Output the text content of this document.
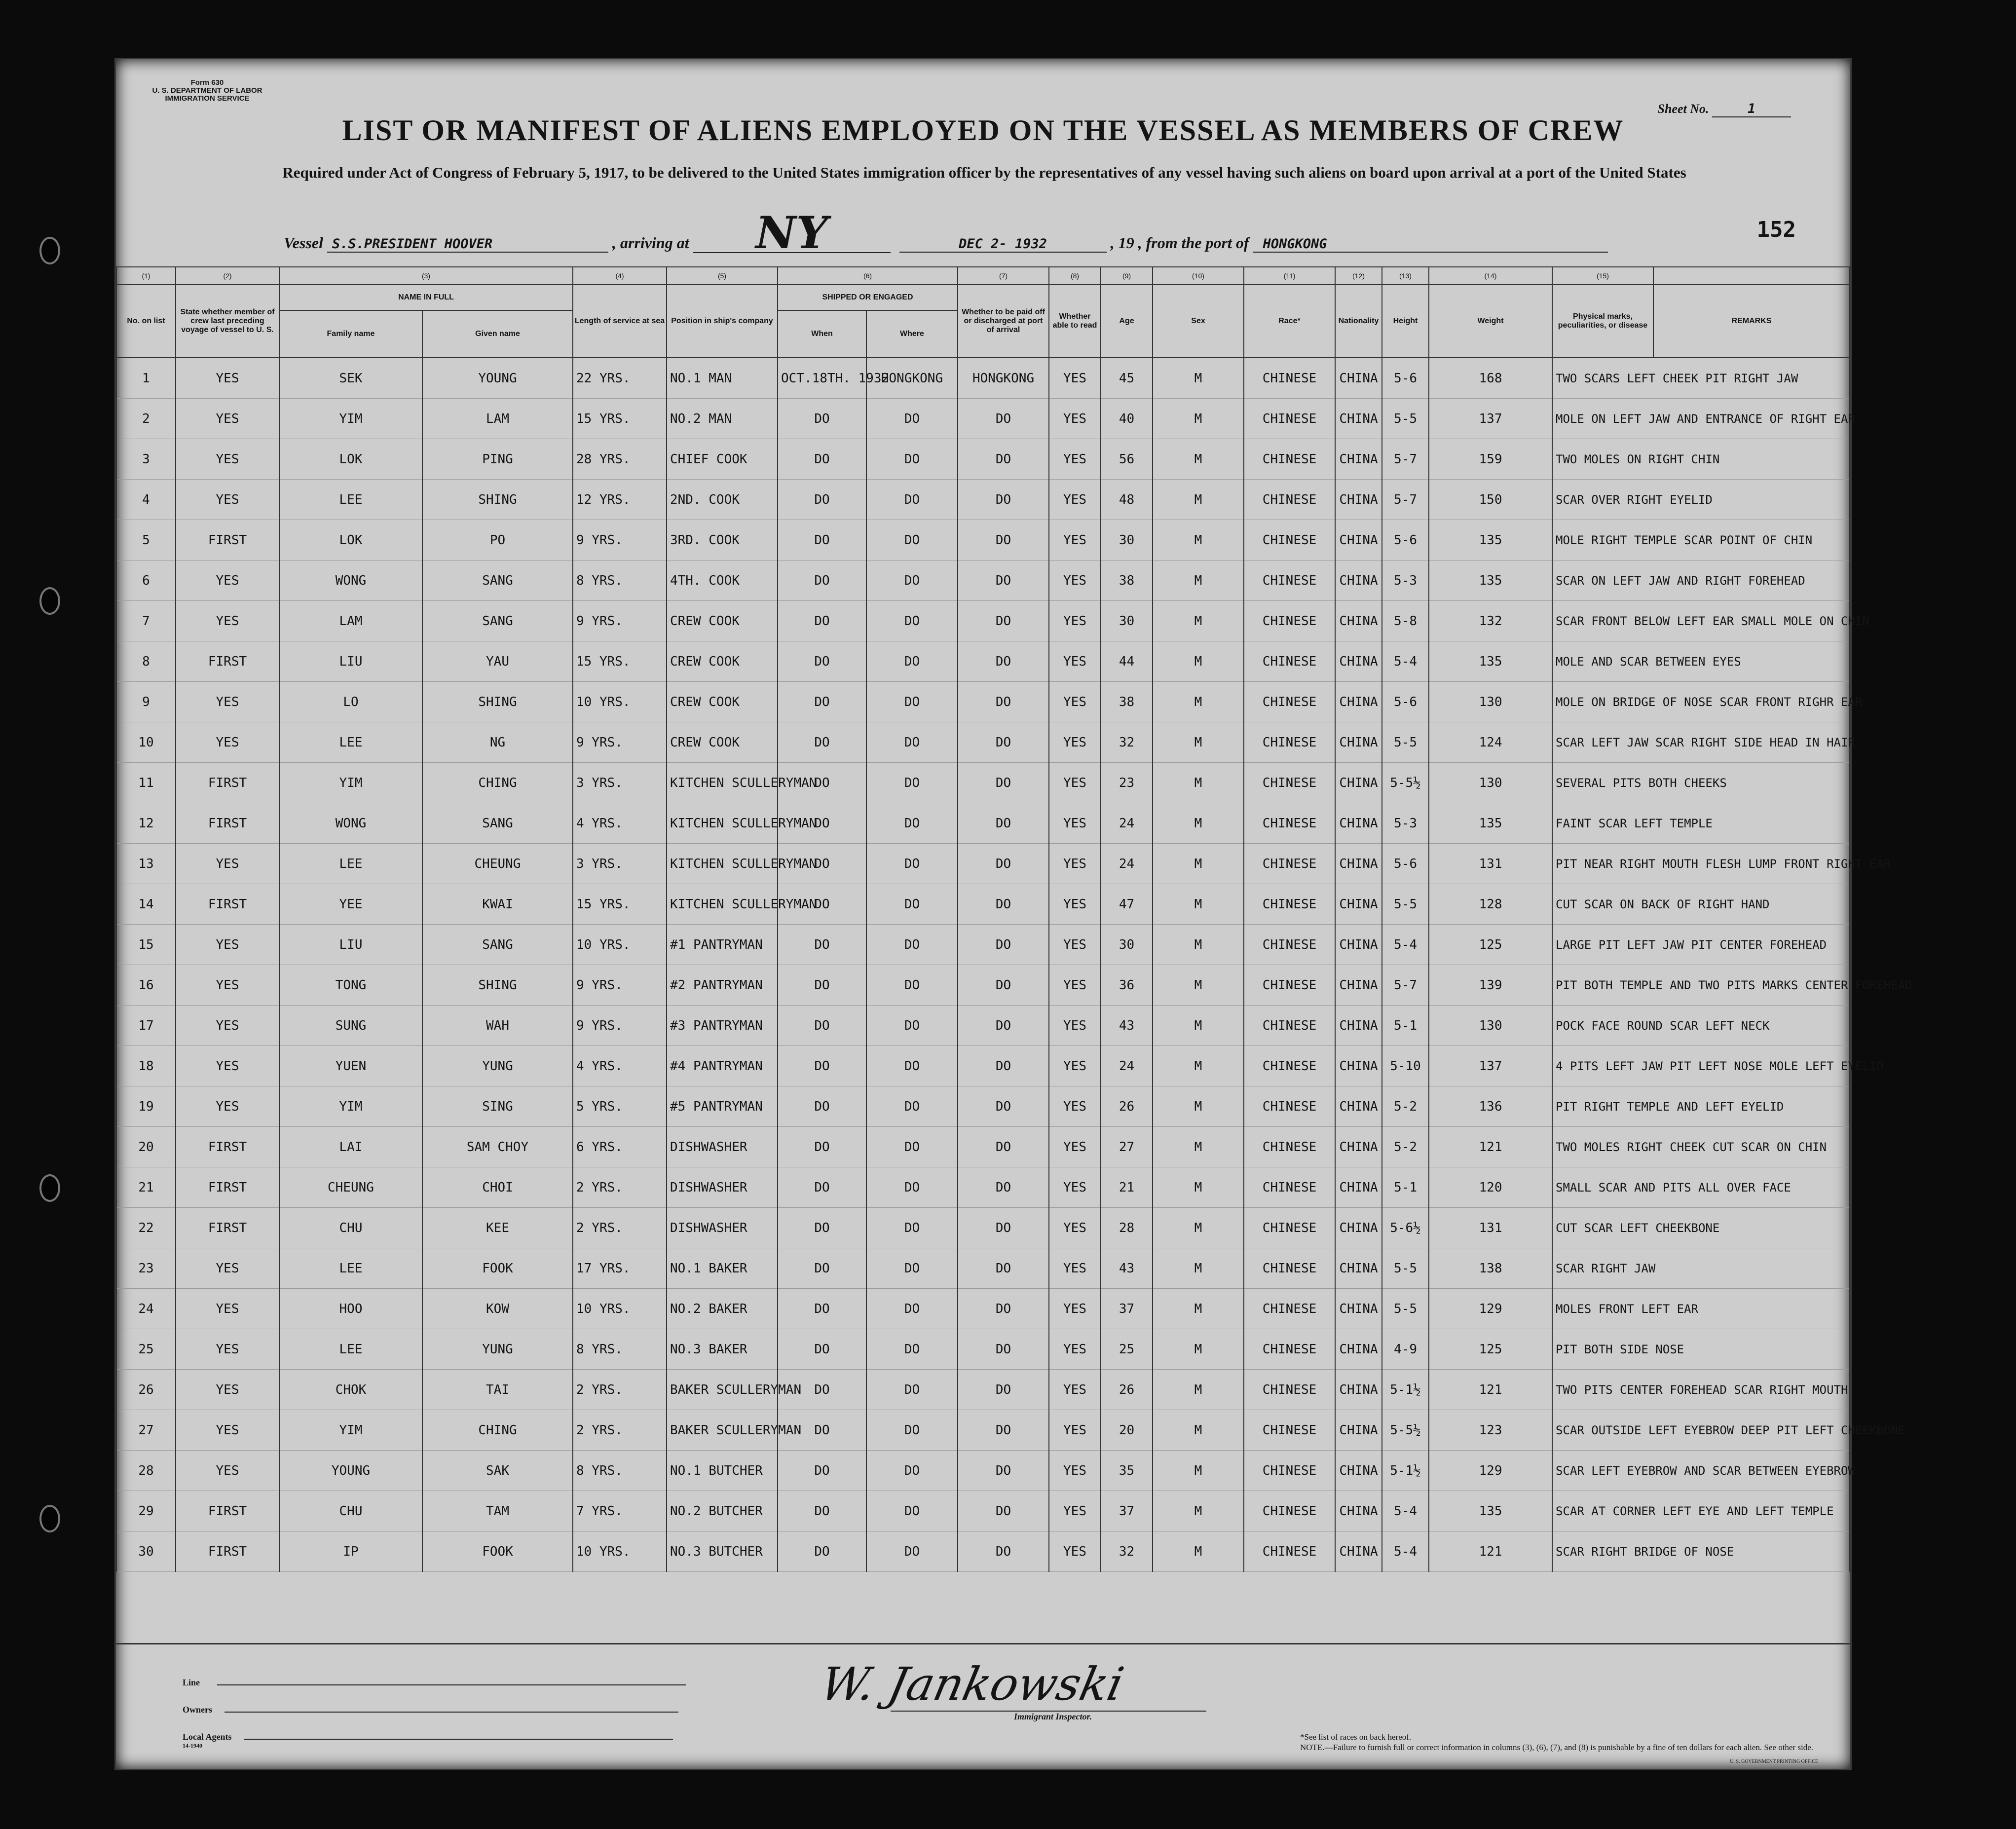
Form 630
U. S. DEPARTMENT OF LABOR
IMMIGRATION SERVICE
Sheet No.	1
LIST OR MANIFEST OF ALIENS EMPLOYED ON THE VESSEL AS MEMBERS OF CREW
Required under Act of Congress of February 5, 1917, to be delivered to the United States immigration officer by the representatives of any vessel having such aliens on board upon arrival at a port of the United States
Vessel S.S.PRESIDENT HOOVER	, arriving at NY	DEC 2- 1932	, 19 , from the port of HONGKONG
152
(1)	(2)	(3)		(4)	(5)	(6)		(7)	(8)	(9)	(10)	(11)	(12)	(13)	(14)	(15)	
No. on list	State whether member of crew last preceding voyage of vessel to U. S.	NAME IN FULL		Length of service at sea	Position in ship's company	SHIPPED OR ENGAGED		Whether to be paid off or discharged at port of arrival	Whether able to read	Age	Sex	Race*	Nationality	Height	Weight	Physical marks, peculiarities, or disease	REMARKS
		Family name	Given name			When	Where										
1	YES	SEK	YOUNG	22 YRS.	NO.1 MAN	OCT.18TH. 1932	HONGKONG	HONGKONG	YES	45	M	CHINESE	CHINA	5-6	168	TWO SCARS LEFT CHEEK PIT RIGHT JAW	
2	YES	YIM	LAM	15 YRS.	NO.2 MAN	DO	DO	DO	YES	40	M	CHINESE	CHINA	5-5	137	MOLE ON LEFT JAW AND ENTRANCE OF RIGHT EAR	
3	YES	LOK	PING	28 YRS.	CHIEF COOK	DO	DO	DO	YES	56	M	CHINESE	CHINA	5-7	159	TWO MOLES ON RIGHT CHIN	
4	YES	LEE	SHING	12 YRS.	2ND. COOK	DO	DO	DO	YES	48	M	CHINESE	CHINA	5-7	150	SCAR OVER RIGHT EYELID	
5	FIRST	LOK	PO	9 YRS.	3RD. COOK	DO	DO	DO	YES	30	M	CHINESE	CHINA	5-6	135	MOLE RIGHT TEMPLE SCAR POINT OF CHIN	
6	YES	WONG	SANG	8 YRS.	4TH. COOK	DO	DO	DO	YES	38	M	CHINESE	CHINA	5-3	135	SCAR ON LEFT JAW AND RIGHT FOREHEAD	
7	YES	LAM	SANG	9 YRS.	CREW COOK	DO	DO	DO	YES	30	M	CHINESE	CHINA	5-8	132	SCAR FRONT BELOW LEFT EAR SMALL MOLE ON CHIN	
8	FIRST	LIU	YAU	15 YRS.	CREW COOK	DO	DO	DO	YES	44	M	CHINESE	CHINA	5-4	135	MOLE AND SCAR BETWEEN EYES	
9	YES	LO	SHING	10 YRS.	CREW COOK	DO	DO	DO	YES	38	M	CHINESE	CHINA	5-6	130	MOLE ON BRIDGE OF NOSE SCAR FRONT RIGHR EAR	
10	YES	LEE	NG	9 YRS.	CREW COOK	DO	DO	DO	YES	32	M	CHINESE	CHINA	5-5	124	SCAR LEFT JAW SCAR RIGHT SIDE HEAD IN HAIR	
11	FIRST	YIM	CHING	3 YRS.	KITCHEN SCULLERYMAN	DO	DO	DO	YES	23	M	CHINESE	CHINA	5-5½	130	SEVERAL PITS BOTH CHEEKS	
12	FIRST	WONG	SANG	4 YRS.	KITCHEN SCULLERYMAN	DO	DO	DO	YES	24	M	CHINESE	CHINA	5-3	135	FAINT SCAR LEFT TEMPLE	
13	YES	LEE	CHEUNG	3 YRS.	KITCHEN SCULLERYMAN	DO	DO	DO	YES	24	M	CHINESE	CHINA	5-6	131	PIT NEAR RIGHT MOUTH FLESH LUMP FRONT RIGHT EAR	
14	FIRST	YEE	KWAI	15 YRS.	KITCHEN SCULLERYMAN	DO	DO	DO	YES	47	M	CHINESE	CHINA	5-5	128	CUT SCAR ON BACK OF RIGHT HAND	
15	YES	LIU	SANG	10 YRS.	#1 PANTRYMAN	DO	DO	DO	YES	30	M	CHINESE	CHINA	5-4	125	LARGE PIT LEFT JAW PIT CENTER FOREHEAD	
16	YES	TONG	SHING	9 YRS.	#2 PANTRYMAN	DO	DO	DO	YES	36	M	CHINESE	CHINA	5-7	139	PIT BOTH TEMPLE AND TWO PITS MARKS CENTER FOREHEAD	
17	YES	SUNG	WAH	9 YRS.	#3 PANTRYMAN	DO	DO	DO	YES	43	M	CHINESE	CHINA	5-1	130	POCK FACE ROUND SCAR LEFT NECK	
18	YES	YUEN	YUNG	4 YRS.	#4 PANTRYMAN	DO	DO	DO	YES	24	M	CHINESE	CHINA	5-10	137	4 PITS LEFT JAW PIT LEFT NOSE MOLE LEFT EYELID	
19	YES	YIM	SING	5 YRS.	#5 PANTRYMAN	DO	DO	DO	YES	26	M	CHINESE	CHINA	5-2	136	PIT RIGHT TEMPLE AND LEFT EYELID	
20	FIRST	LAI	SAM CHOY	6 YRS.	DISHWASHER	DO	DO	DO	YES	27	M	CHINESE	CHINA	5-2	121	TWO MOLES RIGHT CHEEK CUT SCAR ON CHIN	
21	FIRST	CHEUNG	CHOI	2 YRS.	DISHWASHER	DO	DO	DO	YES	21	M	CHINESE	CHINA	5-1	120	SMALL SCAR AND PITS ALL OVER FACE	
22	FIRST	CHU	KEE	2 YRS.	DISHWASHER	DO	DO	DO	YES	28	M	CHINESE	CHINA	5-6½	131	CUT SCAR LEFT CHEEKBONE	
23	YES	LEE	FOOK	17 YRS.	NO.1 BAKER	DO	DO	DO	YES	43	M	CHINESE	CHINA	5-5	138	SCAR RIGHT JAW	
24	YES	HOO	KOW	10 YRS.	NO.2 BAKER	DO	DO	DO	YES	37	M	CHINESE	CHINA	5-5	129	MOLES FRONT LEFT EAR	
25	YES	LEE	YUNG	8 YRS.	NO.3 BAKER	DO	DO	DO	YES	25	M	CHINESE	CHINA	4-9	125	PIT BOTH SIDE NOSE	
26	YES	CHOK	TAI	2 YRS.	BAKER SCULLERYMAN	DO	DO	DO	YES	26	M	CHINESE	CHINA	5-1½	121	TWO PITS CENTER FOREHEAD SCAR RIGHT MOUTH	
27	YES	YIM	CHING	2 YRS.	BAKER SCULLERYMAN	DO	DO	DO	YES	20	M	CHINESE	CHINA	5-5½	123	SCAR OUTSIDE LEFT EYEBROW DEEP PIT LEFT CHEEKBONE	
28	YES	YOUNG	SAK	8 YRS.	NO.1 BUTCHER	DO	DO	DO	YES	35	M	CHINESE	CHINA	5-1½	129	SCAR LEFT EYEBROW AND SCAR BETWEEN EYEBROW	
29	FIRST	CHU	TAM	7 YRS.	NO.2 BUTCHER	DO	DO	DO	YES	37	M	CHINESE	CHINA	5-4	135	SCAR AT CORNER LEFT EYE AND LEFT TEMPLE	
30	FIRST	IP	FOOK	10 YRS.	NO.3 BUTCHER	DO	DO	DO	YES	32	M	CHINESE	CHINA	5-4	121	SCAR RIGHT BRIDGE OF NOSE	
Line
Owners
Local Agents
14-1940
W. Jankowski
Immigrant Inspector.
*See list of races on back hereof.
NOTE.—Failure to furnish full or correct information in columns (3), (6), (7), and (8) is punishable by a fine of ten dollars for each alien. See other side.
U. S. GOVERNMENT PRINTING OFFICE
